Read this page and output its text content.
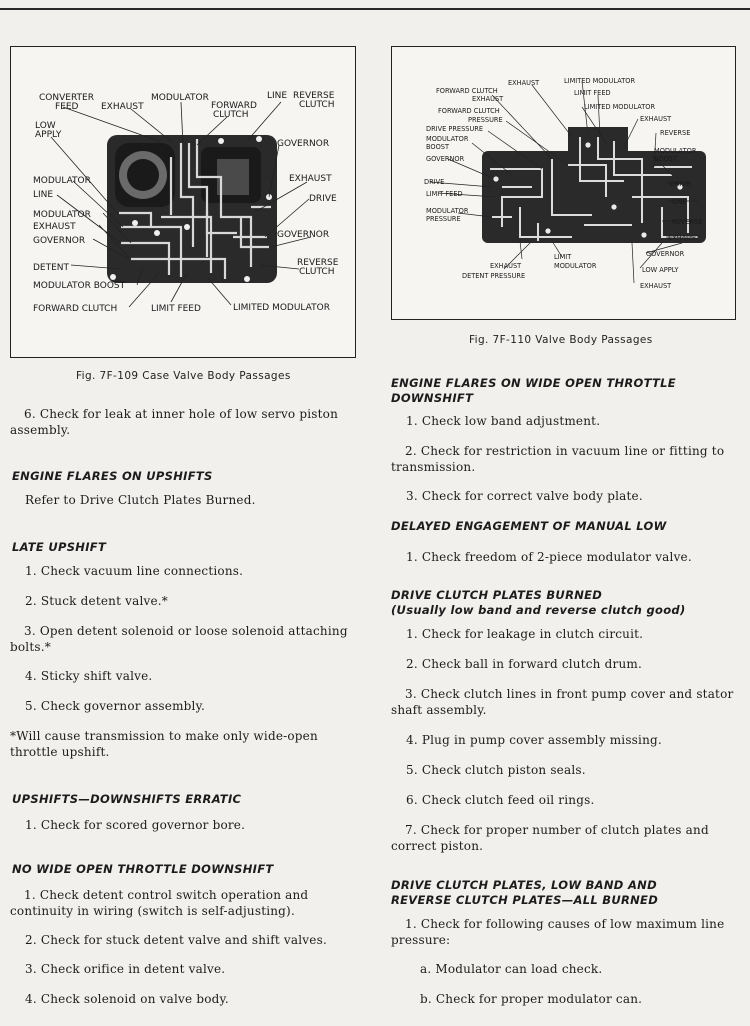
CONVERTER
FEED	EXHAUST
MODULATOR
FORWARD
CLUTCH
LINE REVERSE
CLUTCH
LOW
APPLY
GOVERNOR
EXHAUST
DRIVE
GOVERNOR
REVERSE
CLUTCH
MODULATOR
LINE
MODULATOR
EXHAUST
GOVERNOR
DETENT
MODULATOR BOOST
FORWARD CLUTCH	LIMIT FEED	LIMITED MODULATOR
Fig. 7F-109 Case Valve Body Passages
EXHAUST	LIMITED MODULATOR
FORWARD CLUTCH
EXHAUST
LIMIT FEED
FORWARD CLUTCH
PRESSURE
LIMITED MODULATOR
EXHAUST
DRIVE PRESSURE
MODULATOR
BOOST
REVERSE
MODULATOR
BOOST
GOVERNOR
DRIVE	DRIVE
LIMIT FEED
LINE
MODULATOR
PRESSURE	REVERSE
EXHAUST
GOVERNOR
LIMIT
MODULATOR
EXHAUST
DETENT PRESSURE
LOW APPLY
EXHAUST
Fig. 7F-110 Valve Body Passages
6. Check for leak at inner hole of low servo piston assembly.
ENGINE FLARES ON UPSHIFTS
Refer to Drive Clutch Plates Burned.
LATE UPSHIFT
1. Check vacuum line connections.
2. Stuck detent valve.*
3. Open detent solenoid or loose solenoid attaching bolts.*
4. Sticky shift valve.
5. Check governor assembly.
*Will cause transmission to make only wide-open throttle upshift.
UPSHIFTS—DOWNSHIFTS ERRATIC
1. Check for scored governor bore.
NO WIDE OPEN THROTTLE DOWNSHIFT
1. Check detent control switch operation and continuity in wiring (switch is self-adjusting).
2. Check for stuck detent valve and shift valves.
3. Check orifice in detent valve.
4. Check solenoid on valve body.
ENGINE FLARES ON WIDE OPEN THROTTLE DOWNSHIFT
1. Check low band adjustment.
2. Check for restriction in vacuum line or fitting to transmission.
3. Check for correct valve body plate.
DELAYED ENGAGEMENT OF MANUAL LOW
1. Check freedom of 2-piece modulator valve.
DRIVE CLUTCH PLATES BURNED
(Usually low band and reverse clutch good)
1. Check for leakage in clutch circuit.
2. Check ball in forward clutch drum.
3. Check clutch lines in front pump cover and stator shaft assembly.
4. Plug in pump cover assembly missing.
5. Check clutch piston seals.
6. Check clutch feed oil rings.
7. Check for proper number of clutch plates and correct piston.
DRIVE CLUTCH PLATES, LOW BAND AND
REVERSE CLUTCH PLATES—ALL BURNED
1. Check for following causes of low maximum line pressure:
a. Modulator can load check.
b. Check for proper modulator can.
